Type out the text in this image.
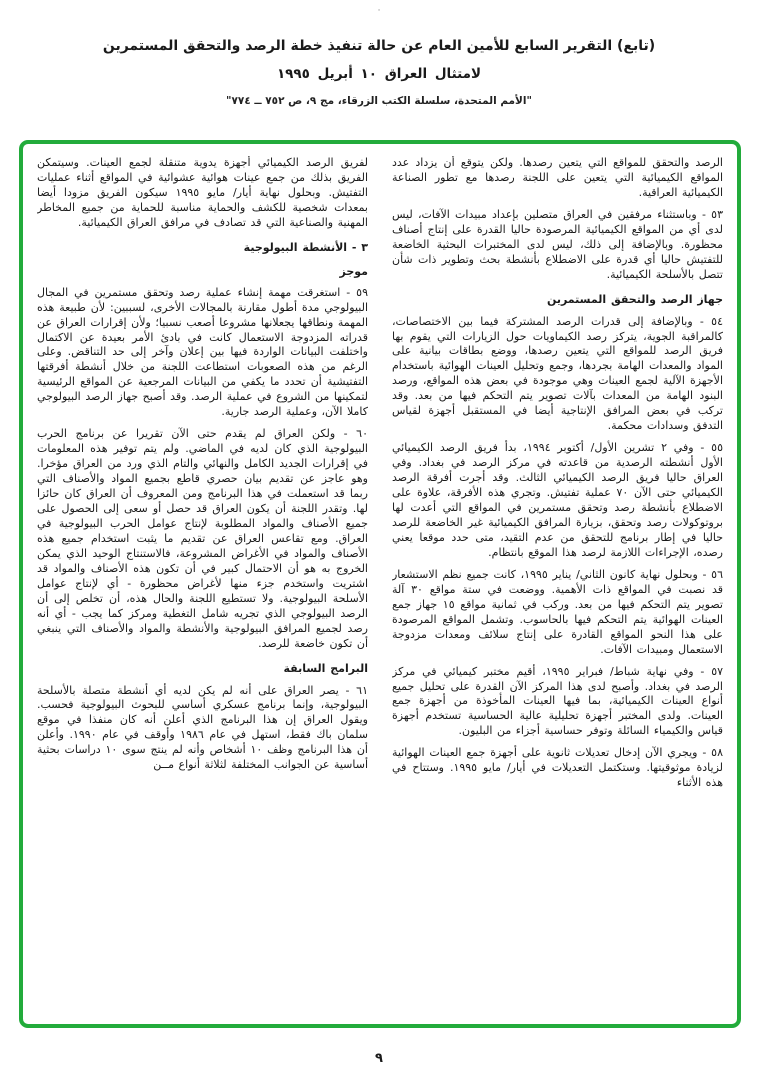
·
(تابع) التقرير السابع للأمين العام عن حالة تنفيذ خطة الرصد والتحقق المستمرين
لامتثال العراق ١٠ أبريل ١٩٩٥
"الأمم المتحدة، سلسلة الكتب الزرقاء، مج ٩، ص ٧٥٢ ــ ٧٧٤"

الرصد والتحقق للمواقع التي يتعين رصدها. ولكن يتوقع أن يزداد عدد المواقع الكيميائية التي يتعين على اللجنة رصدها مع تطور الصناعة الكيميائية العراقية.

٥٣ - وباستثناء مرفقين في العراق متصلين بإعداد مبيدات الآفات، ليس لدى أي من المواقع الكيميائية المرصودة حاليا القدرة على إنتاج أصناف محظورة. وبالإضافة إلى ذلك، ليس لدى المختبرات البحثية الخاضعة للتفتيش حاليا أي قدرة على الاضطلاع بأنشطة بحث وتطوير ذات شأن تتصل بالأسلحة الكيميائية.

جهاز الرصد والتحقق المستمرين

٥٤ - وبالإضافة إلى قدرات الرصد المشتركة فيما بين الاختصاصات، كالمراقبة الجوية، يتركز رصد الكيماويات حول الزيارات التي يقوم بها فريق الرصد للمواقع التي يتعين رصدها، ووضع بطاقات بيانية على المواد والمعدات الهامة بجردها، وجمع وتحليل العينات الهوائية باستخدام الأجهزة الآلية لجمع العينات وهي موجودة في بعض هذه المواقع، ورصد البنود الهامة من المعدات بآلات تصوير يتم التحكم فيها من بعد. وقد تركب في بعض المرافق الإنتاجية أيضا في المستقبل أجهزة لقياس التدفق وسدادات محكمة.

٥٥ - وفي ٢ تشرين الأول/ أكتوبر ١٩٩٤، بدأ فريق الرصد الكيميائي الأول أنشطته الرصدية من قاعدته في مركز الرصد في بغداد. وفي العراق حاليا فريق الرصد الكيميائي الثالث. وقد أجرت أفرقة الرصد الكيميائي حتى الآن ٧٠ عملية تفتيش. وتجري هذه الأفرقة، علاوة على الاضطلاع بأنشطة رصد وتحقق مستمرين في المواقع التي أعدت لها بروتوكولات رصد وتحقق، بزيارة المرافق الكيميائية غير الخاضعة للرصد حاليا في إطار برنامج للتحقق من عدم التقيد، متى حدد موقعا يعني رصده، الإجراءات اللازمة لرصد هذا الموقع بانتظام.

٥٦ - وبحلول نهاية كانون الثاني/ يناير ١٩٩٥، كانت جميع نظم الاستشعار قد نصبت في المواقع ذات الأهمية. ووضعت في ستة مواقع ٣٠ آلة تصوير يتم التحكم فيها من بعد. وركب في ثمانية مواقع ١٥ جهاز جمع العينات الهوائية يتم التحكم فيها بالحاسوب. وتشمل المواقع المرصودة على هذا النحو المواقع القادرة على إنتاج سلائف ومعدات مزدوجة الاستعمال ومبيدات الآفات.

٥٧ - وفي نهاية شباط/ فبراير ١٩٩٥، أقيم مختبر كيميائي في مركز الرصد في بغداد. وأصبح لدى هذا المركز الآن القدرة على تحليل جميع أنواع العينات الكيميائية، بما فيها العينات المأخوذة من أجهزة جمع العينات. ولدى المختبر أجهزة تحليلية عالية الحساسية تستخدم أجهزة قياس والكيمياء السائلة وتوفر حساسية أجزاء من البليون.

٥٨ - ويجري الآن إدخال تعديلات ثانوية على أجهزة جمع العينات الهوائية لزيادة موثوقيتها. وستكتمل التعديلات في أيار/ مايو ١٩٩٥. وستتاح في هذه الأثناء

لفريق الرصد الكيميائي أجهزة يدوية متنقلة لجمع العينات. وسيتمكن الفريق بذلك من جمع عينات هوائية عشوائية في المواقع أثناء عمليات التفتيش. وبحلول نهاية أيار/ مايو ١٩٩٥ سيكون الفريق مزودا أيضا بمعدات شخصية للكشف والحماية مناسبة للحماية من جميع المخاطر المهنية والصناعية التي قد تصادف في مرافق العراق الكيميائية.

٣ - الأنشطة البيولوجية

موجز

٥٩ - استغرقت مهمة إنشاء عملية رصد وتحقق مستمرين في المجال البيولوجي مدة أطول مقارنة بالمجالات الأخرى، لسببين: لأن طبيعة هذه المهمة ونطاقها يجعلانها مشروعا أصعب نسبيا؛ ولأن إقرارات العراق عن قدراته المزدوجة الاستعمال كانت في بادئ الأمر بعيدة عن الاكتمال واختلفت البيانات الواردة فيها بين إعلان وآخر إلى حد التناقض. وعلى الرغم من هذه الصعوبات استطاعت اللجنة من خلال أنشطة أفرقتها التفتيشية أن تحدد ما يكفي من البيانات المرجعية عن المواقع الرئيسية لتمكينها من الشروع في عملية الرصد. وقد أصبح جهاز الرصد البيولوجي كاملا الآن، وعملية الرصد جارية.

٦٠ - ولكن العراق لم يقدم حتى الآن تقريرا عن برنامج الحرب البيولوجية الذي كان لديه في الماضي. ولم يتم توفير هذه المعلومات في إقرارات الجديد الكامل والنهائي والتام الذي ورد من العراق مؤخرا. وهو عاجز عن تقديم بيان حصري قاطع بجميع المواد والأصناف التي ربما قد استعملت في هذا البرنامج ومن المعروف أن العراق كان حائزا لها. وتقدر اللجنة أن يكون العراق قد حصل أو سعى إلى الحصول على جميع الأصناف والمواد المطلوبة لإنتاج عوامل الحرب البيولوجية في العراق. ومع تقاعس العراق عن تقديم ما يثبت استخدام جميع هذه الأصناف والمواد في الأغراض المشروعة، فالاستنتاج الوحيد الذي يمكن الخروج به هو أن الاحتمال كبير في أن تكون هذه الأصناف والمواد قد اشتريت واستخدم جزء منها لأغراض محظورة - أي لإنتاج عوامل الأسلحة البيولوجية. ولا تستطيع اللجنة والحال هذه، أن تخلص إلى أن الرصد البيولوجي الذي تجريه شامل التغطية ومركز كما يجب - أي أنه رصد لجميع المرافق البيولوجية والأنشطة والمواد والأصناف التي ينبغي أن تكون خاضعة للرصد.

البرامج السابقة

٦١ - يصر العراق على أنه لم يكن لديه أي أنشطة متصلة بالأسلحة البيولوجية، وإنما برنامج عسكري أساسي للبحوث البيولوجية فحسب. ويقول العراق إن هذا البرنامج الذي أعلن أنه كان منفذا في موقع سلمان باك فقط، استهل في عام ١٩٨٦ وأوقف في عام ١٩٩٠. وأعلن أن هذا البرنامج وظف ١٠ أشخاص وأنه لم ينتج سوى ١٠ دراسات بحثية أساسية عن الجوانب المختلفة لثلاثة أنواع مــن

٩
